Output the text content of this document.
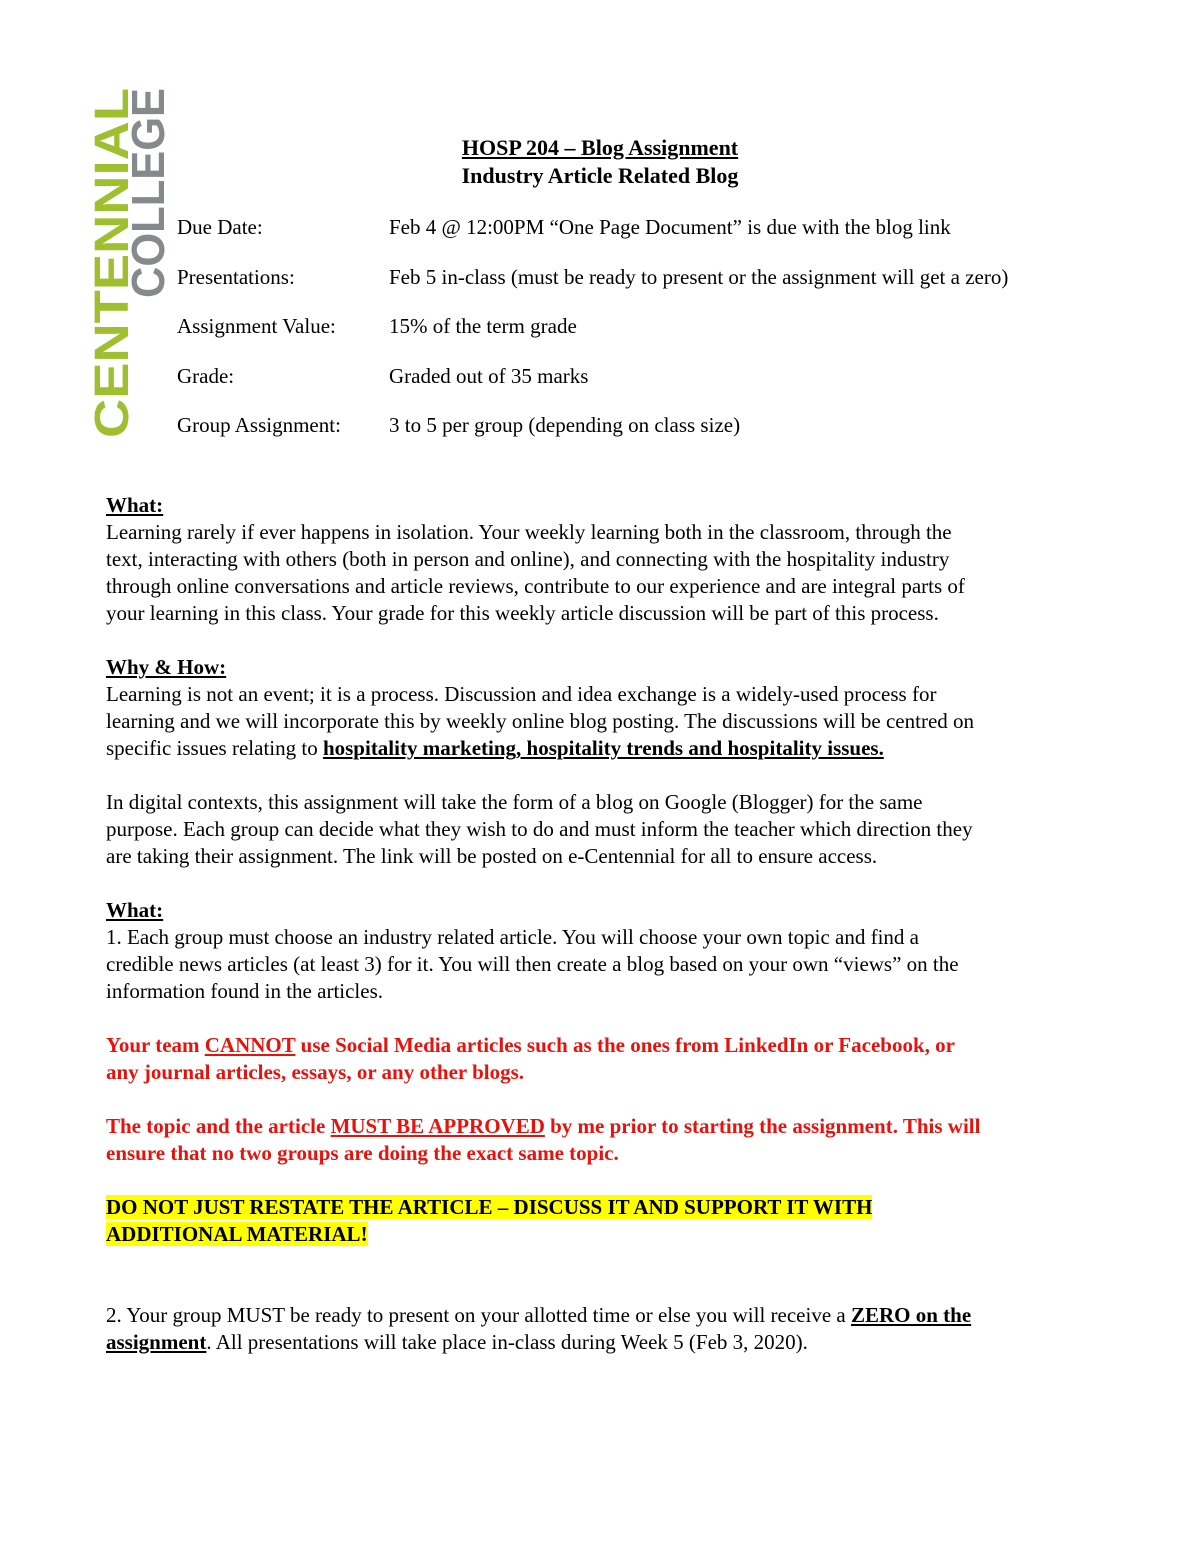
CENTENNIAL
COLLEGE	HOSP 204 – Blog Assignment
Industry Article Related Blog
Due Date:	Feb 4 @ 12:00PM “One Page Document” is due with the blog link
Presentations:	Feb 5 in-class (must be ready to present or the assignment will get a zero)
Assignment Value:	15% of the term grade
Grade:	Graded out of 35 marks
Group Assignment: 3 to 5 per group (depending on class size)
What:

Learning rarely if ever happens in isolation. Your weekly learning both in the classroom, through the

text, interacting with others (both in person and online), and connecting with the hospitality industry

through online conversations and article reviews, contribute to our experience and are integral parts of

your learning in this class. Your grade for this weekly article discussion will be part of this process.

Why & How:

Learning is not an event; it is a process. Discussion and idea exchange is a widely-used process for

learning and we will incorporate this by weekly online blog posting. The discussions will be centred on

specific issues relating to hospitality marketing, hospitality trends and hospitality issues.

In digital contexts, this assignment will take the form of a blog on Google (Blogger) for the same

purpose. Each group can decide what they wish to do and must inform the teacher which direction they

are taking their assignment. The link will be posted on e-Centennial for all to ensure access.

What:

1. Each group must choose an industry related article. You will choose your own topic and find a

credible news articles (at least 3) for it. You will then create a blog based on your own “views” on the

information found in the articles.

Your team CANNOT use Social Media articles such as the ones from LinkedIn or Facebook, or

any journal articles, essays, or any other blogs.

The topic and the article MUST BE APPROVED by me prior to starting the assignment. This will

ensure that no two groups are doing the exact same topic.

DO NOT JUST RESTATE THE ARTICLE – DISCUSS IT AND SUPPORT IT WITH

ADDITIONAL MATERIAL!

2. Your group MUST be ready to present on your allotted time or else you will receive a ZERO on the

assignment. All presentations will take place in-class during Week 5 (Feb 3, 2020).
